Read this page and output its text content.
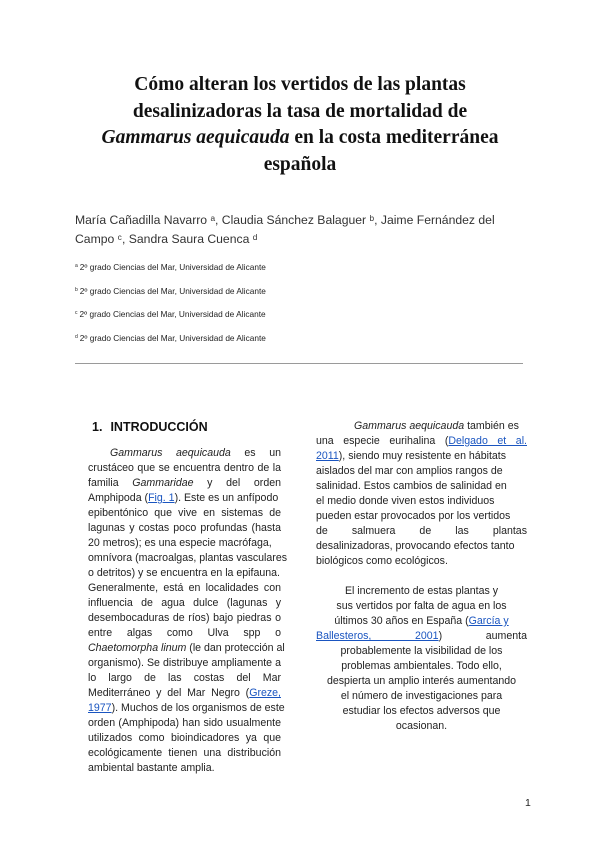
Cómo alteran los vertidos de las plantas
desalinizadoras la tasa de mortalidad de
Gammarus aequicauda en la costa mediterránea
española
María Cañadilla Navarro ᵃ, Claudia Sánchez Balaguer ᵇ, Jaime Fernández del
Campo ᶜ, Sandra Saura Cuenca ᵈ
$^a$ 2º grado Ciencias del Mar, Universidad de Alicante
$^b$ 2º grado Ciencias del Mar, Universidad de Alicante
$^c$ 2º grado Ciencias del Mar, Universidad de Alicante
$^d$ 2º grado Ciencias del Mar, Universidad de Alicante
1. INTRODUCCIÓN
Gammarus aequicauda es un
crustáceo que se encuentra dentro de la
familia Gammaridae y del orden
Amphipoda (Fig. 1). Este es un anfípodo
epibentónico que vive en sistemas de
lagunas y costas poco profundas (hasta
20 metros); es una especie macrófaga,
omnívora (macroalgas, plantas vasculares
o detritos) y se encuentra en la epifauna.
Generalmente, está en localidades con
influencia de agua dulce (lagunas y
desembocaduras de ríos) bajo piedras o
entre algas como Ulva spp o
Chaetomorpha linum (le dan protección al
organismo). Se distribuye ampliamente a
lo largo de las costas del Mar
Mediterráneo y del Mar Negro (Greze,
1977). Muchos de los organismos de este
orden (Amphipoda) han sido usualmente
utilizados como bioindicadores ya que
ecológicamente tienen una distribución
ambiental bastante amplia.
Gammarus aequicauda también es
una especie eurihalina (Delgado et al.
2011), siendo muy resistente en hábitats
aislados del mar con amplios rangos de
salinidad. Estos cambios de salinidad en
el medio donde viven estos individuos
pueden estar provocados por los vertidos
de salmuera de las plantas
desalinizadoras, provocando efectos tanto
biológicos como ecológicos.
El incremento de estas plantas y
sus vertidos por falta de agua en los
últimos 30 años en España (García y
Ballesteros, 2001) aumenta
probablemente la visibilidad de los
problemas ambientales. Todo ello,
despierta un amplio interés aumentando
el número de investigaciones para
estudiar los efectos adversos que
ocasionan.
1
